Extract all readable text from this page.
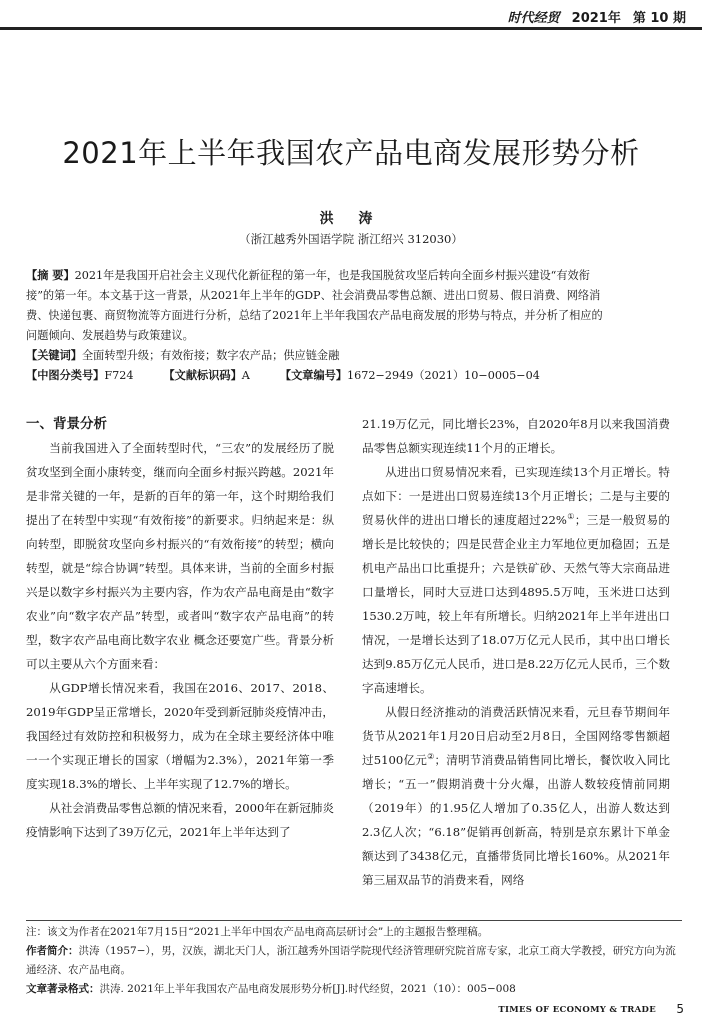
时代经贸 2021年 第 10 期
2021年上半年我国农产品电商发展形势分析
洪 涛
（浙江越秀外国语学院 浙江绍兴 312030）
【摘 要】2021年是我国开启社会主义现代化新征程的第一年，也是我国脱贫攻坚后转向全面乡村振兴建设“有效衔
接”的第一年。本文基于这一背景，从2021年上半年的GDP、社会消费品零售总额、进出口贸易、假日消费、网络消
费、快递包裹、商贸物流等方面进行分析，总结了2021年上半年我国农产品电商发展的形势与特点，并分析了相应的
问题倾向、发展趋势与政策建议。
【关键词】全面转型升级；有效衔接；数字农产品；供应链金融
【中图分类号】F724	【文献标识码】A	【文章编号】1672−2949（2021）10−0005−04
一、背景分析

当前我国进入了全面转型时代，“三农”的发展经历了脱贫攻坚到全面小康转变，继而向全面乡村振兴跨越。2021年是非常关键的一年，是新的百年的第一年，这个时期给我们提出了在转型中实现“有效衔接”的新要求。归纳起来是：纵向转型，即脱贫攻坚向乡村振兴的“有效衔接”的转型；横向转型，就是“综合协调”转型。具体来讲，当前的全面乡村振兴是以数字乡村振兴为主要内容，作为农产品电商是由“数字农业”向“数字农产品”转型，或者叫“数字农产品电商”的转型，数字农产品电商比数字农业 概念还要宽广些。背景分析可以主要从六个方面来看：

从GDP增长情况来看，我国在2016、2017、2018、2019年GDP呈正常增长，2020年受到新冠肺炎疫情冲击，我国经过有效防控和积极努力，成为在全球主要经济体中唯一一个实现正增长的国家（增幅为2.3%），2021年第一季度实现18.3%的增长、上半年实现了12.7%的增长。

从社会消费品零售总额的情况来看，2000年在新冠肺炎疫情影响下达到了39万亿元，2021年上半年达到了

21.19万亿元，同比增长23%，自2020年8月以来我国消费品零售总额实现连续11个月的正增长。

从进出口贸易情况来看，已实现连续13个月正增长。特点如下：一是进出口贸易连续13个月正增长；二是与主要的贸易伙伴的进出口增长的速度超过22%①；三是一般贸易的增长是比较快的；四是民营企业主力军地位更加稳固；五是机电产品出口比重提升；六是铁矿砂、天然气等大宗商品进口量增长，同时大豆进口达到4895.5万吨，玉米进口达到1530.2万吨，较上年有所增长。归纳2021年上半年进出口情况，一是增长达到了18.07万亿元人民币，其中出口增长达到9.85万亿元人民币，进口是8.22万亿元人民币，三个数字高速增长。

从假日经济推动的消费活跃情况来看，元旦春节期间年货节从2021年1月20日启动至2月8日，全国网络零售额超过5100亿元②；清明节消费品销售同比增长，餐饮收入同比增长；“五一”假期消费十分火爆，出游人数较疫情前同期（2019年）的1.95亿人增加了0.35亿人，出游人数达到2.3亿人次；“6.18”促销再创新高，特别是京东累计下单金额达到了3438亿元，直播带货同比增长160%。从2021年第三届双品节的消费来看，网络

注：该文为作者在2021年7月15日“2021上半年中国农产品电商高层研讨会”上的主题报告整理稿。
作者简介：洪涛（1957−），男，汉族，湖北天门人，浙江越秀外国语学院现代经济管理研究院首席专家，北京工商大学教授，研究方向为流通经济、农产品电商。
文章著录格式：洪涛. 2021年上半年我国农产品电商发展形势分析[J].时代经贸，2021（10）：005−008
TIMES OF ECONOMY & TRADE 5
